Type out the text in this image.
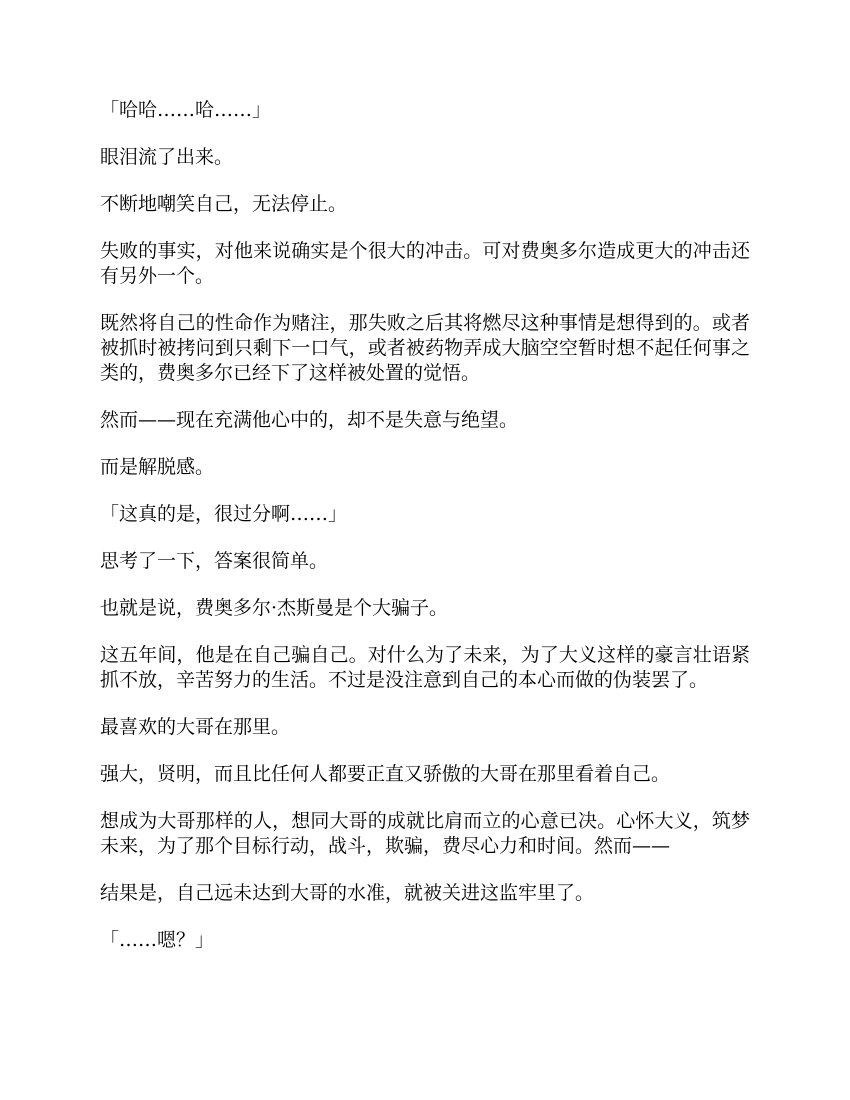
「哈哈……哈……」

眼泪流了出来。

不断地嘲笑自己，无法停止。

失败的事实，对他来说确实是个很大的冲击。可对费奥多尔造成更大的冲击还有另外一个。

既然将自己的性命作为赌注，那失败之后其将燃尽这种事情是想得到的。或者被抓时被拷问到只剩下一口气，或者被药物弄成大脑空空暂时想不起任何事之类的，费奥多尔已经下了这样被处置的觉悟。

然而——现在充满他心中的，却不是失意与绝望。

而是解脱感。

「这真的是，很过分啊……」

思考了一下，答案很简单。

也就是说，费奥多尔·杰斯曼是个大骗子。

这五年间，他是在自己骗自己。对什么为了未来，为了大义这样的豪言壮语紧抓不放，辛苦努力的生活。不过是没注意到自己的本心而做的伪装罢了。

最喜欢的大哥在那里。

强大，贤明，而且比任何人都要正直又骄傲的大哥在那里看着自己。

想成为大哥那样的人，想同大哥的成就比肩而立的心意已决。心怀大义，筑梦未来，为了那个目标行动，战斗，欺骗，费尽心力和时间。然而——

结果是，自己远未达到大哥的水准，就被关进这监牢里了。

「……嗯？」
